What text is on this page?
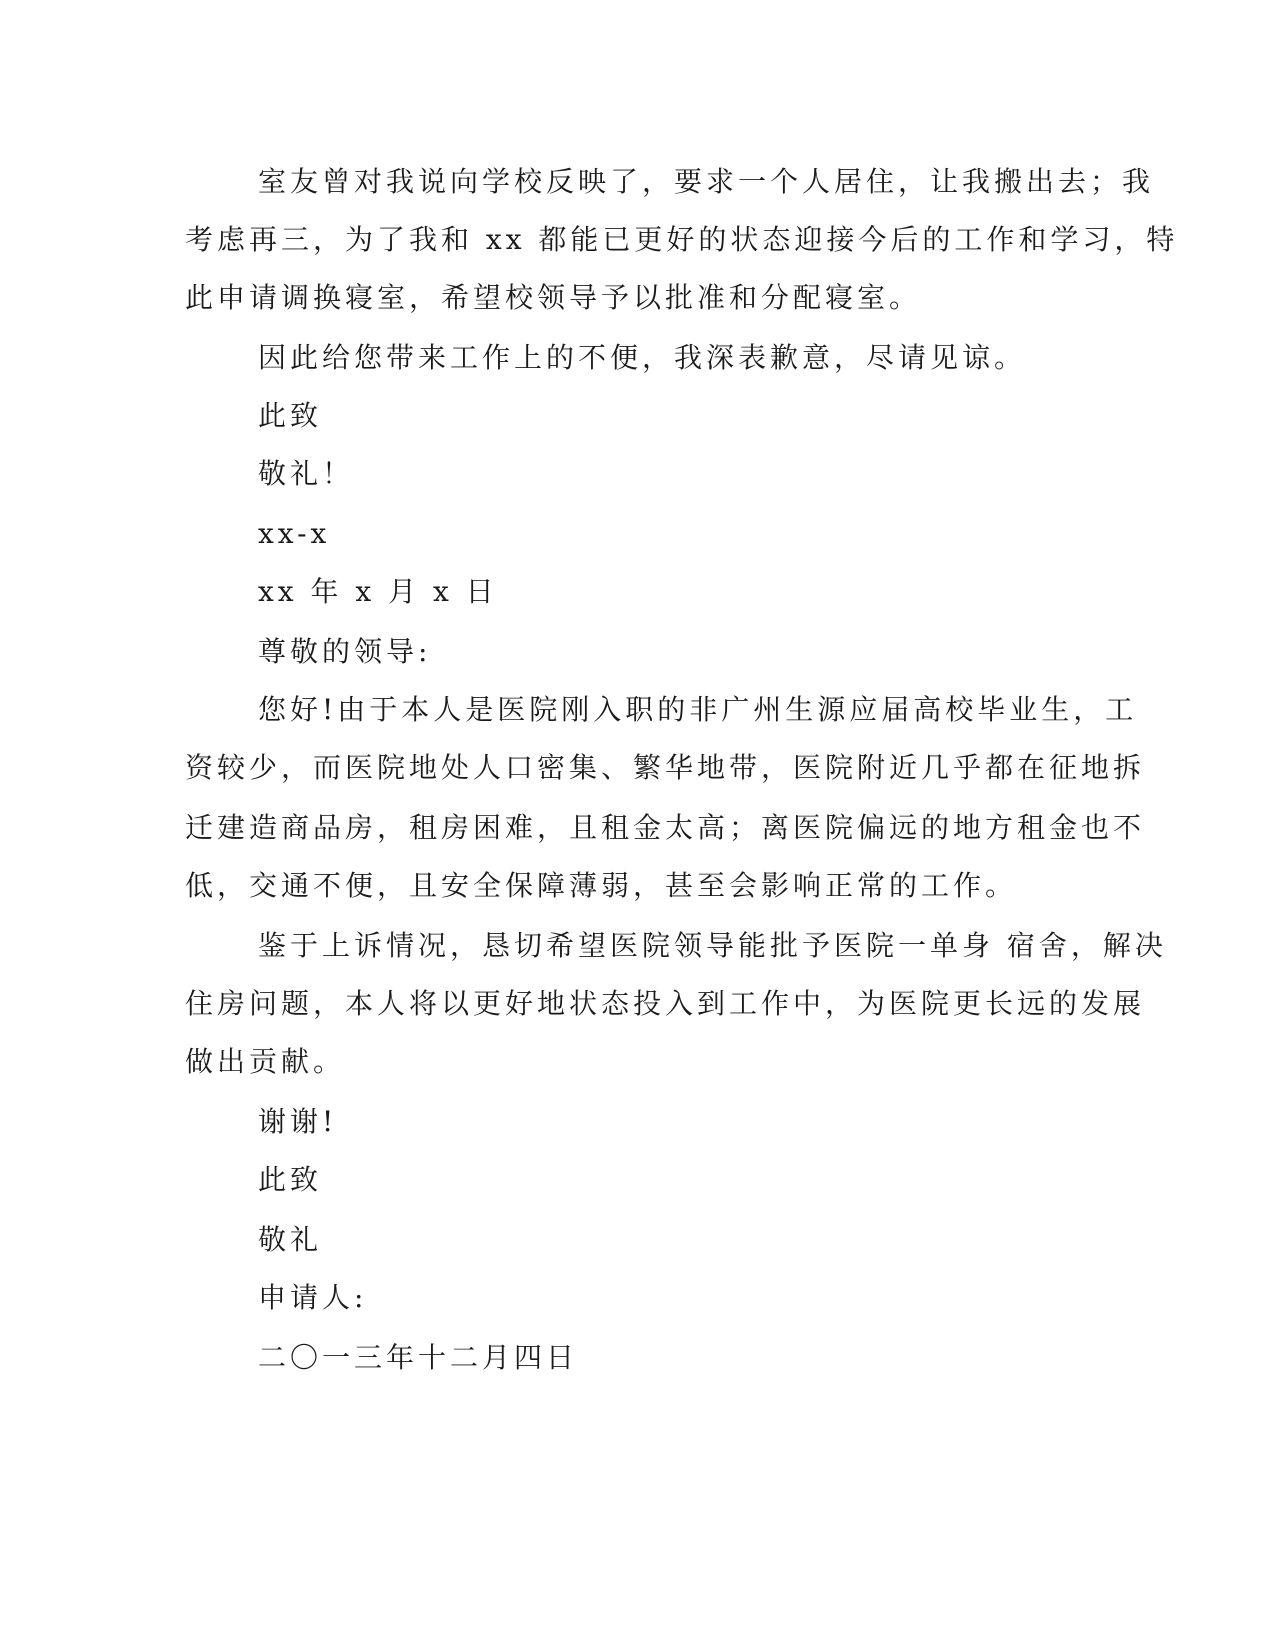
室友曾对我说向学校反映了，要求一个人居住，让我搬出去；我
考虑再三，为了我和 xx 都能已更好的状态迎接今后的工作和学习，特
此申请调换寝室，希望校领导予以批准和分配寝室。
因此给您带来工作上的不便，我深表歉意，尽请见谅。
此致
敬礼！
xx-x
xx 年 x 月 x 日
尊敬的领导:
您好!由于本人是医院刚入职的非广州生源应届高校毕业生，工
资较少，而医院地处人口密集、繁华地带，医院附近几乎都在征地拆
迁建造商品房，租房困难，且租金太高；离医院偏远的地方租金也不
低，交通不便，且安全保障薄弱，甚至会影响正常的工作。
鉴于上诉情况，恳切希望医院领导能批予医院一单身 宿舍，解决
住房问题，本人将以更好地状态投入到工作中，为医院更长远的发展
做出贡献。
谢谢!
此致
敬礼
申请人:
二〇一三年十二月四日
